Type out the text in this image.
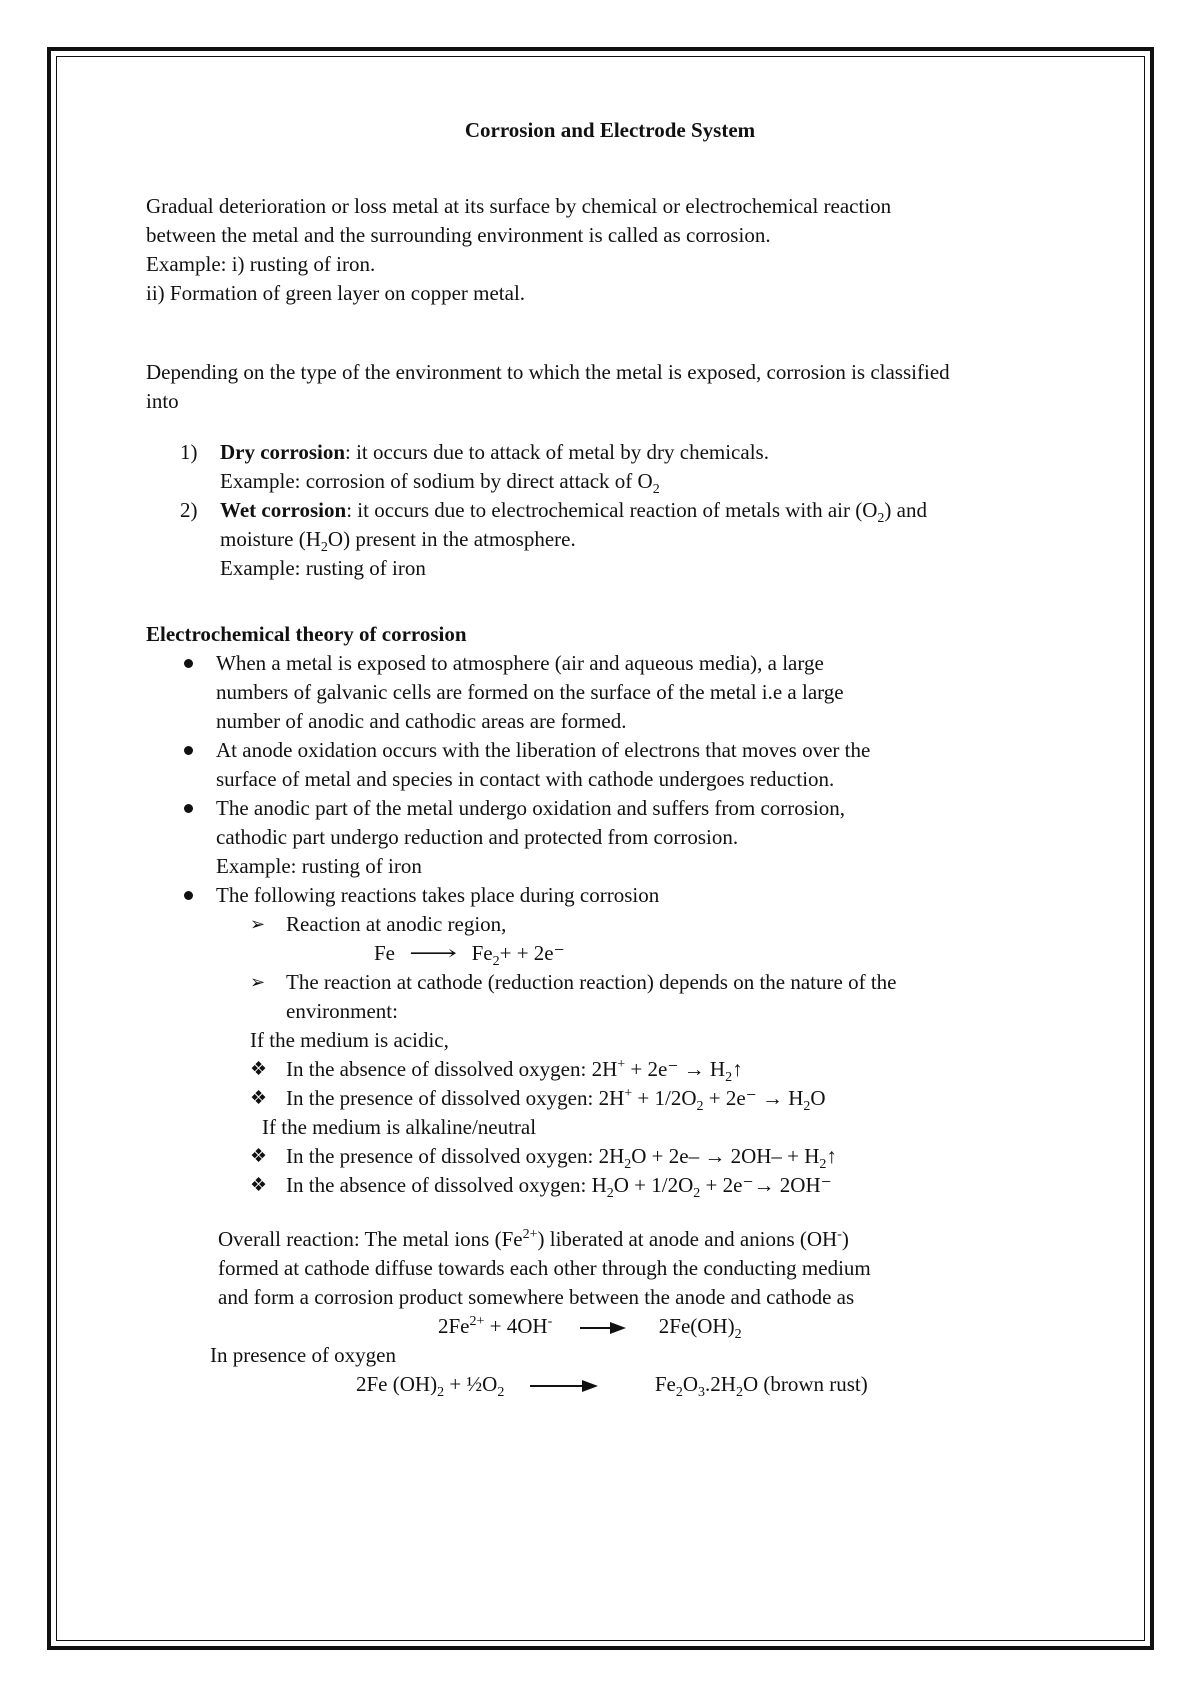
Corrosion and Electrode System
Gradual deterioration or loss metal at its surface by chemical or electrochemical reaction
between the metal and the surrounding environment is called as corrosion.
Example: i) rusting of iron.
ii) Formation of green layer on copper metal.
Depending on the type of the environment to which the metal is exposed, corrosion is classified
into
1) Dry corrosion: it occurs due to attack of metal by dry chemicals.
Example: corrosion of sodium by direct attack of $O_2$
2) Wet corrosion: it occurs due to electrochemical reaction of metals with air $(O_2)$ and
moisture $(H_2O)$ present in the atmosphere.
Example: rusting of iron
Electrochemical theory of corrosion
When a metal is exposed to atmosphere (air and aqueous media), a large
numbers of galvanic cells are formed on the surface of the metal i.e a large
number of anodic and cathodic areas are formed.
At anode oxidation occurs with the liberation of electrons that moves over the
surface of metal and species in contact with cathode undergoes reduction.
The anodic part of the metal undergo oxidation and suffers from corrosion,
cathodic part undergo reduction and protected from corrosion.
Example: rusting of iron
The following reactions takes place during corrosion
➢ Reaction at anodic region,
Fe ⟶ $Fe_2+ + 2e^-$
➢ The reaction at cathode (reduction reaction) depends on the nature of the
environment:
If the medium is acidic,
❖ In the absence of dissolved oxygen: $2H^+ + 2e^- \to H_2↑$
❖ In the presence of dissolved oxygen: $2H^+ + 1/2O_2 + 2e^- \to H_2O$
If the medium is alkaline/neutral
❖ In the presence of dissolved oxygen: $2H_2O + 2e- \to 2OH-$ + $H_2↑$
❖ In the absence of dissolved oxygen: $H_2O + 1/2O_2 + 2e^-\to 2OH^-$
Overall reaction: The metal ions $(Fe^{2+})$ liberated at anode and anions (OH-)
formed at cathode diffuse towards each other through the conducting medium
and form a corrosion product somewhere between the anode and cathode as
$2Fe^{2+} + 4OH^- \to 2Fe(OH)_2$
In presence of oxygen
2Fe $(OH)_2$ + $\frac{1}{2}O_2$ →	$Fe_2O_3.2H_2O$ (brown rust)
